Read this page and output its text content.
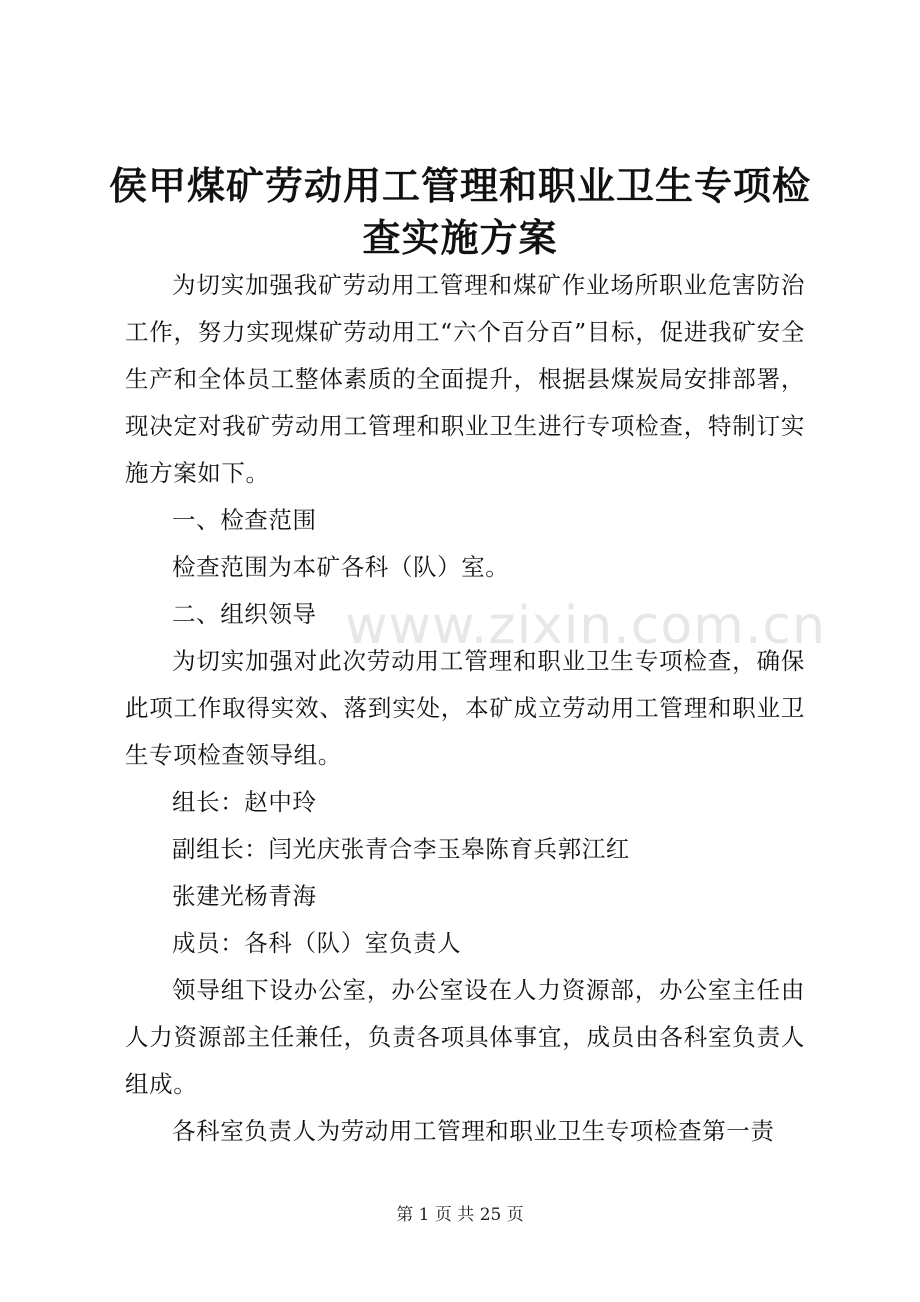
侯甲煤矿劳动用工管理和职业卫生专项检查实施方案

为切实加强我矿劳动用工管理和煤矿作业场所职业危害防治工作，努力实现煤矿劳动用工“六个百分百”目标，促进我矿安全生产和全体员工整体素质的全面提升，根据县煤炭局安排部署，现决定对我矿劳动用工管理和职业卫生进行专项检查，特制订实施方案如下。

一、检查范围

检查范围为本矿各科（队）室。

二、组织领导

为切实加强对此次劳动用工管理和职业卫生专项检查，确保此项工作取得实效、落到实处，本矿成立劳动用工管理和职业卫生专项检查领导组。

组长：赵中玲

副组长：闫光庆张青合李玉皋陈育兵郭江红

张建光杨青海

成员：各科（队）室负责人

领导组下设办公室，办公室设在人力资源部，办公室主任由人力资源部主任兼任，负责各项具体事宜，成员由各科室负责人组成。

各科室负责人为劳动用工管理和职业卫生专项检查第一责

www.zixin.com.cn
第 1 页 共 25 页
